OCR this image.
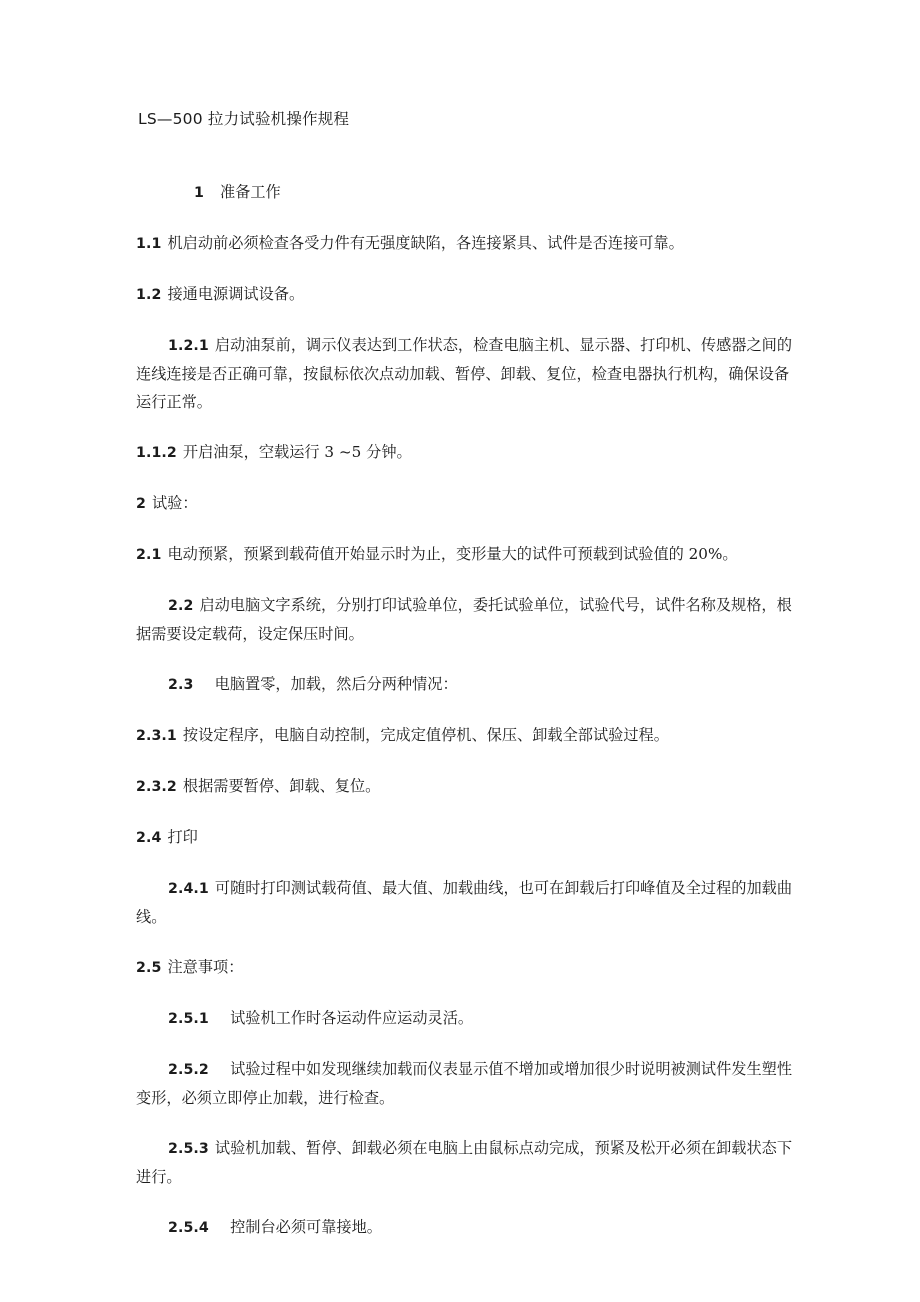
LS—500 拉力试验机操作规程

1 准备工作

1.1 机启动前必须检查各受力件有无强度缺陷，各连接紧具、试件是否连接可靠。

1.2 接通电源调试设备。

1.2.1 启动油泵前，调示仪表达到工作状态，检查电脑主机、显示器、打印机、传感器之间的连线连接是否正确可靠，按鼠标依次点动加载、暂停、卸载、复位，检查电器执行机构，确保设备运行正常。

1.1.2 开启油泵，空载运行 3 ~5 分钟。

2 试验：

2.1 电动预紧，预紧到载荷值开始显示时为止，变形量大的试件可预载到试验值的 20%。

2.2 启动电脑文字系统，分别打印试验单位，委托试验单位，试验代号，试件名称及规格，根据需要设定载荷，设定保压时间。

2.3　电脑置零，加载，然后分两种情况：

2.3.1 按设定程序，电脑自动控制，完成定值停机、保压、卸载全部试验过程。

2.3.2 根据需要暂停、卸载、复位。

2.4 打印

2.4.1 可随时打印测试载荷值、最大值、加载曲线，也可在卸载后打印峰值及全过程的加载曲线。

2.5 注意事项：

2.5.1　试验机工作时各运动件应运动灵活。

2.5.2　试验过程中如发现继续加载而仪表显示值不增加或增加很少时说明被测试件发生塑性变形，必须立即停止加载，进行检查。

2.5.3 试验机加载、暂停、卸载必须在电脑上由鼠标点动完成，预紧及松开必须在卸载状态下进行。

2.5.4　控制台必须可靠接地。
